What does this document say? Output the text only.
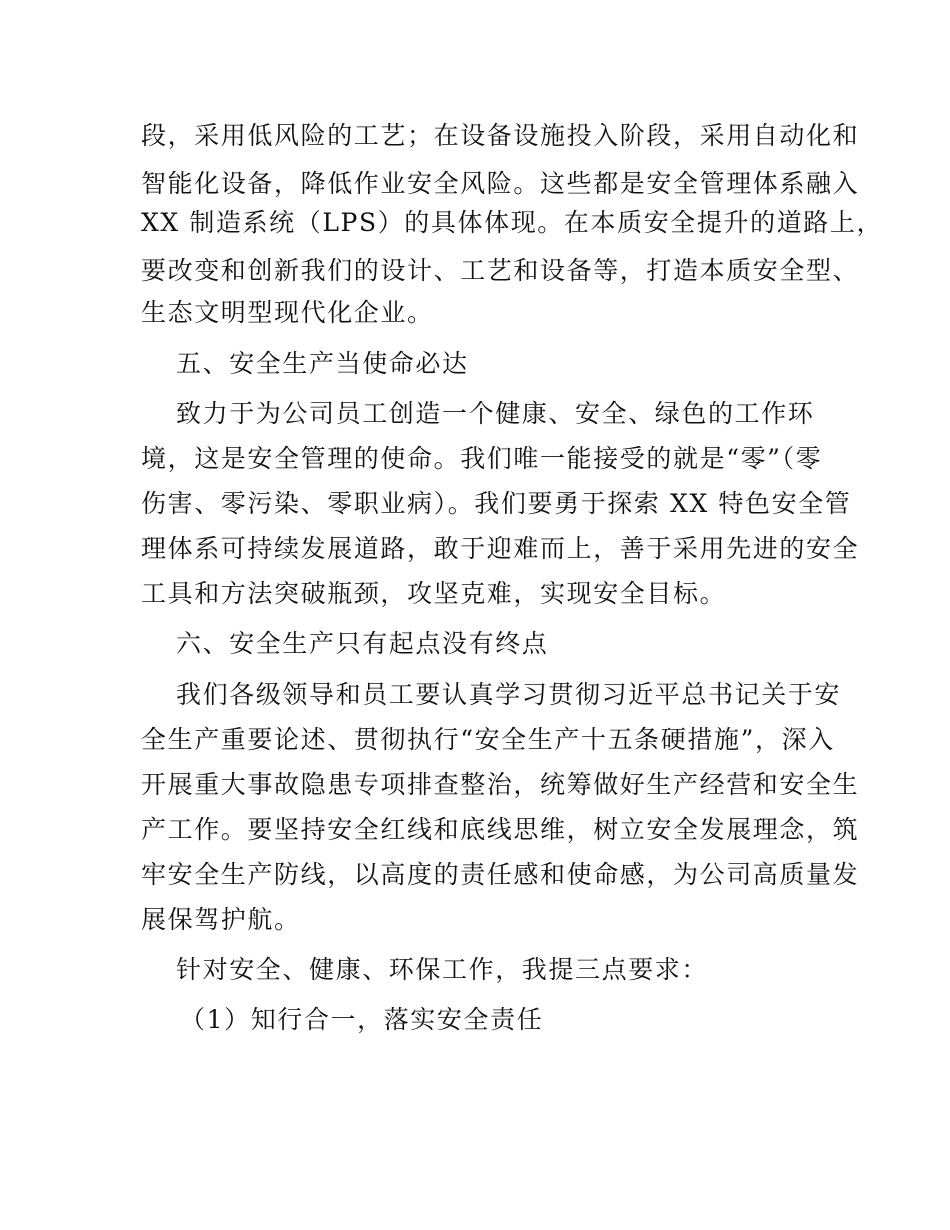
段，采用低风险的工艺；在设备设施投入阶段，采用自动化和
智能化设备，降低作业安全风险。这些都是安全管理体系融入
XX 制造系统（LPS）的具体体现。在本质安全提升的道路上，
要改变和创新我们的设计、工艺和设备等，打造本质安全型、
生态文明型现代化企业。
五、安全生产当使命必达
致力于为公司员工创造一个健康、安全、绿色的工作环
境，这是安全管理的使命。我们唯一能接受的就是“零”（零
伤害、零污染、零职业病）。我们要勇于探索 XX 特色安全管
理体系可持续发展道路，敢于迎难而上，善于采用先进的安全
工具和方法突破瓶颈，攻坚克难，实现安全目标。
六、安全生产只有起点没有终点
我们各级领导和员工要认真学习贯彻习近平总书记关于安
全生产重要论述、贯彻执行“安全生产十五条硬措施”，深入
开展重大事故隐患专项排查整治，统筹做好生产经营和安全生
产工作。要坚持安全红线和底线思维，树立安全发展理念，筑
牢安全生产防线，以高度的责任感和使命感，为公司高质量发
展保驾护航。
针对安全、健康、环保工作，我提三点要求：
（1）知行合一，落实安全责任
